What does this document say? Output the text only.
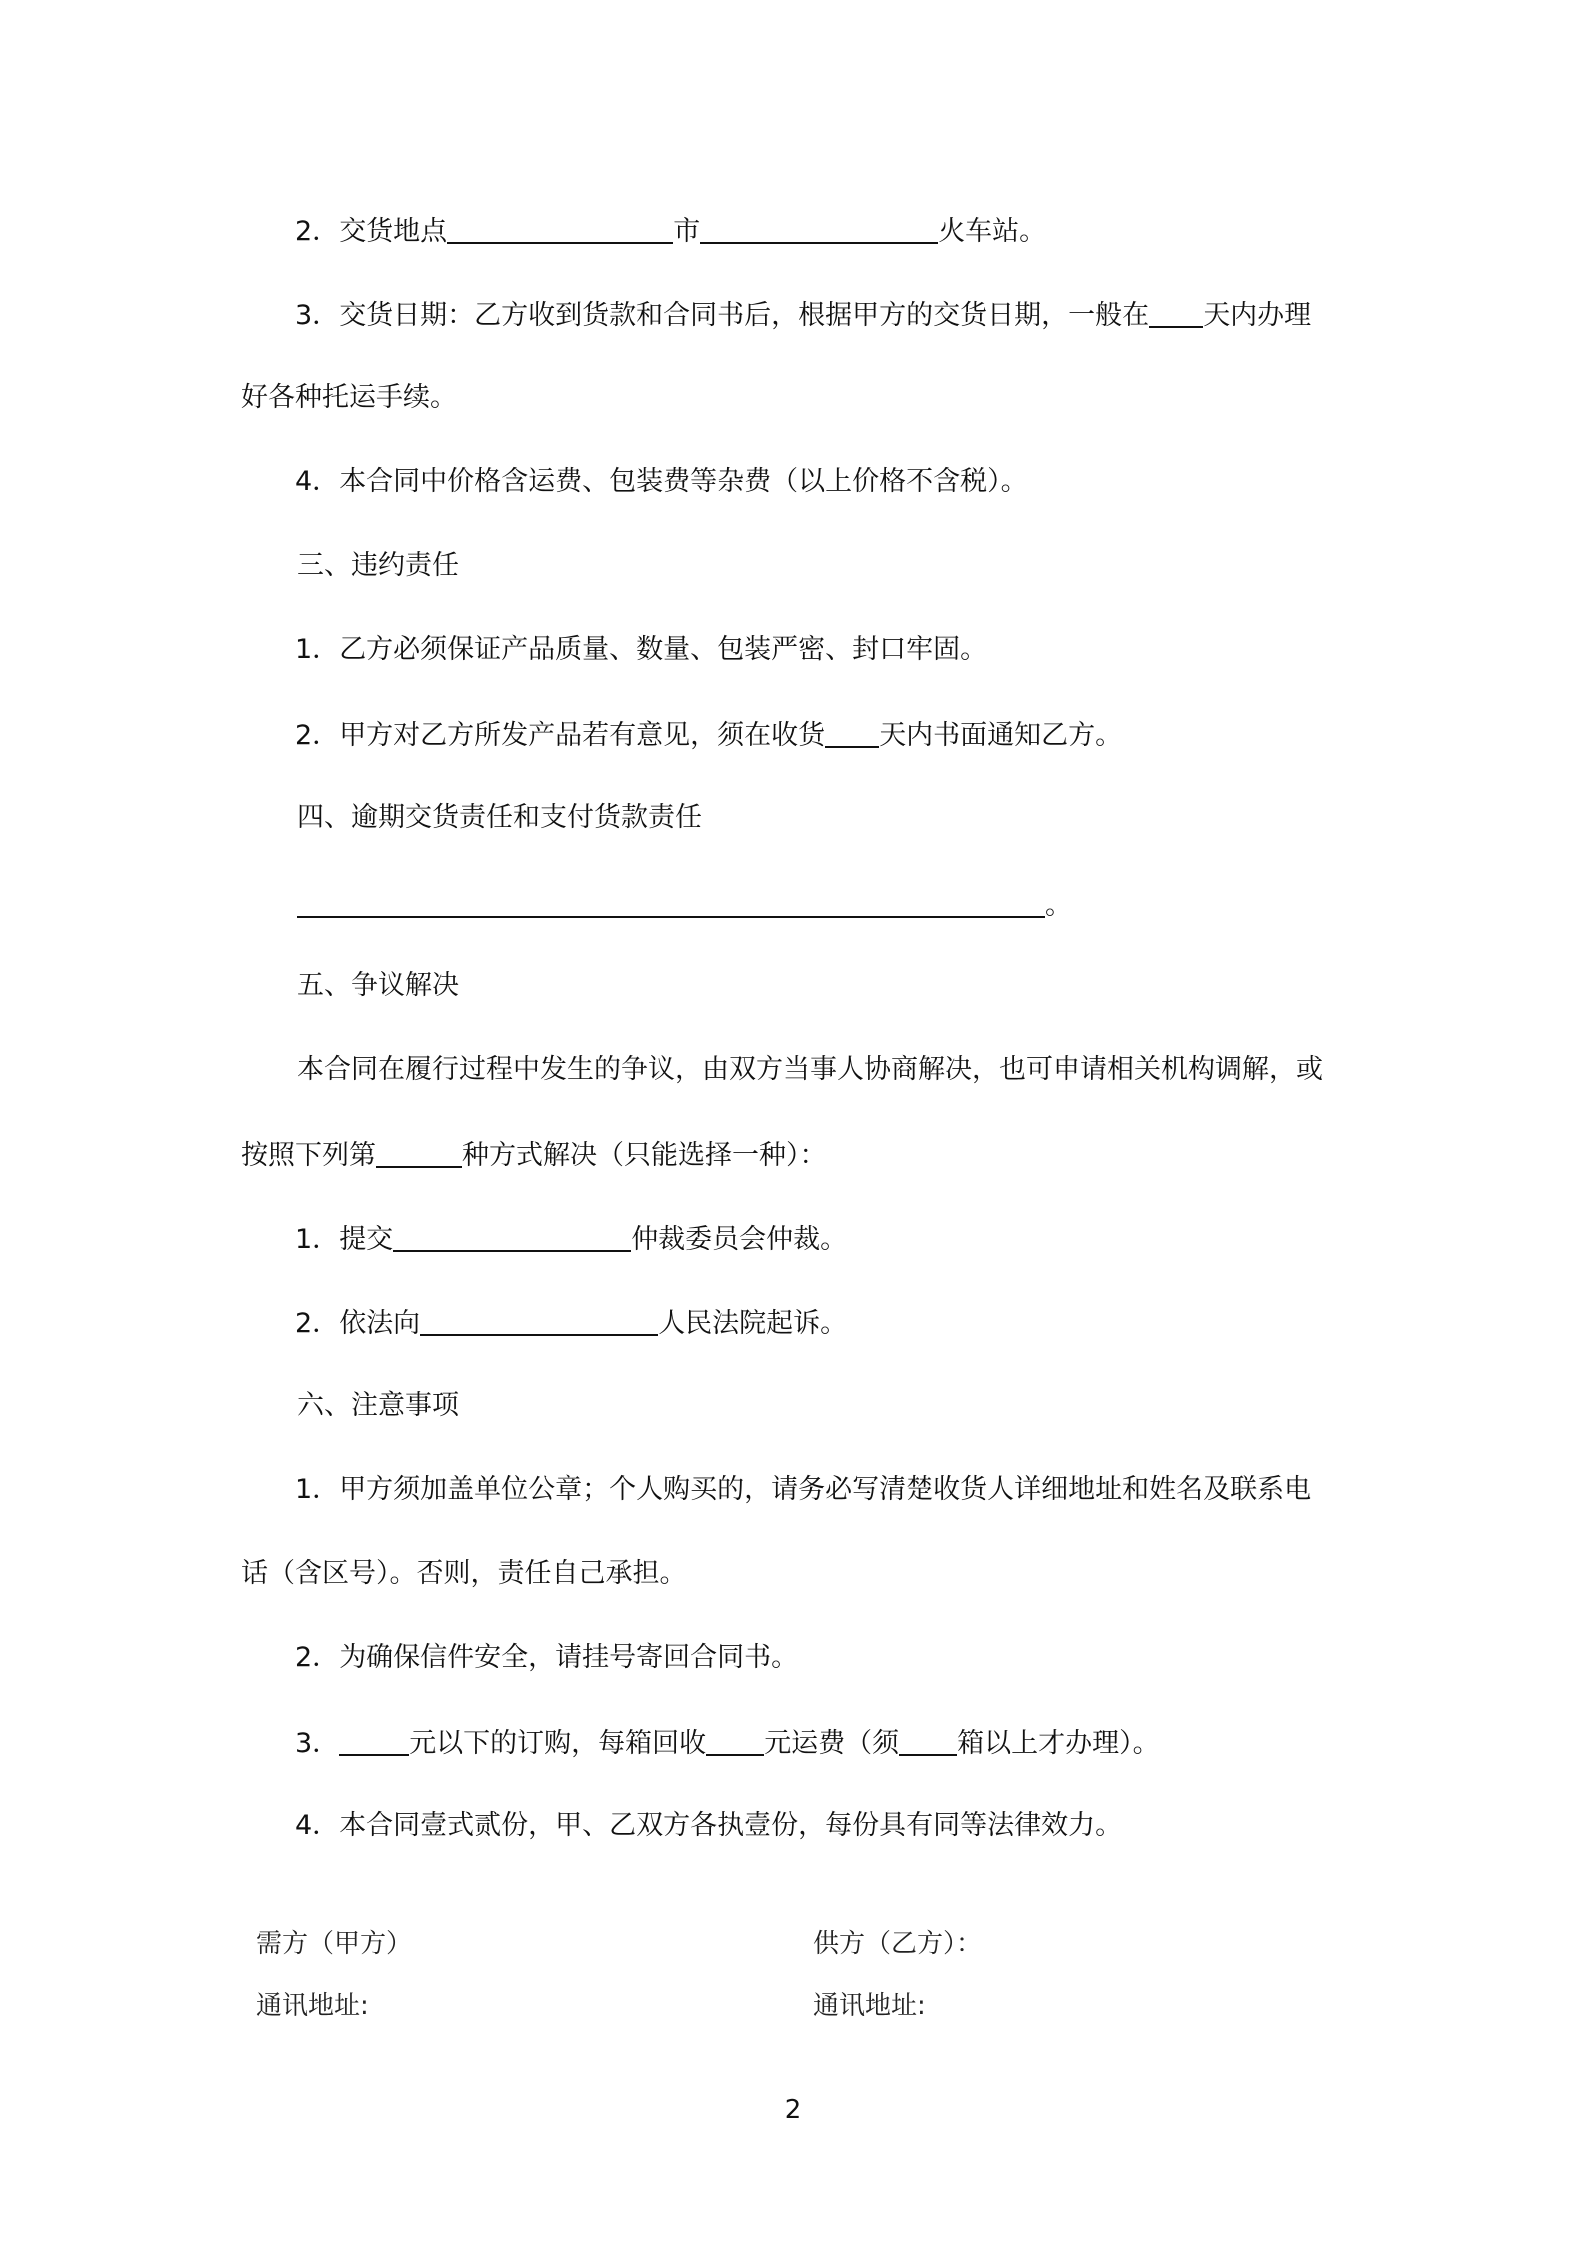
2．交货地点	市	火车站。
3．交货日期：乙方收到货款和合同书后，根据甲方的交货日期，一般在 天内办理
好各种托运手续。
4．本合同中价格含运费、包装费等杂费（以上价格不含税）。
三、违约责任
1．乙方必须保证产品质量、数量、包装严密、封口牢固。
2．甲方对乙方所发产品若有意见，须在收货 天内书面通知乙方。
四、逾期交货责任和支付货款责任
。
五、争议解决
本合同在履行过程中发生的争议，由双方当事人协商解决，也可申请相关机构调解，或
按照下列第	种方式解决（只能选择一种）：
1．提交	仲裁委员会仲裁。
2．依法向	人民法院起诉。
六、注意事项
1．甲方须加盖单位公章；个人购买的，请务必写清楚收货人详细地址和姓名及联系电
话（含区号）。否则，责任自己承担。
2．为确保信件安全，请挂号寄回合同书。
3．	元以下的订购，每箱回收 元运费（须 箱以上才办理）。
4．本合同壹式贰份，甲、乙双方各执壹份，每份具有同等法律效力。
需方（甲方）	供方（乙方）：
通讯地址:	通讯地址:
2
